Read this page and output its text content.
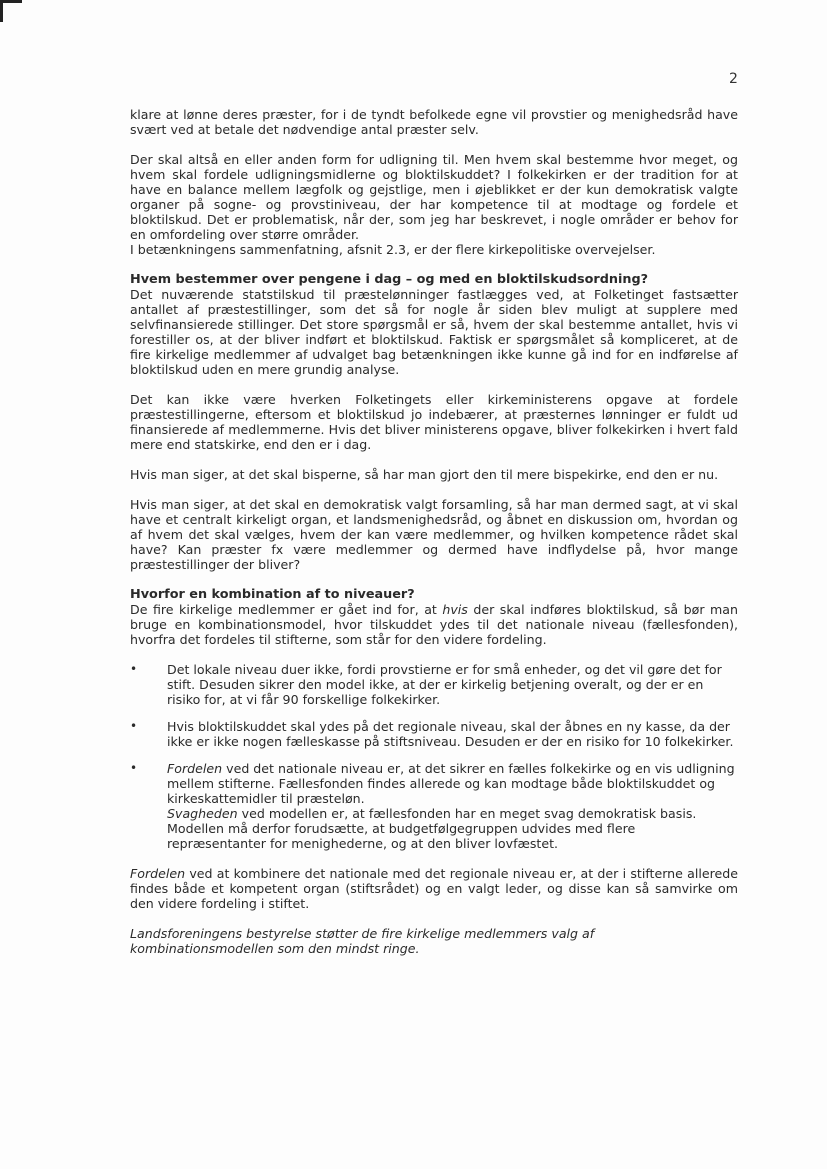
2

klare at lønne deres præster, for i de tyndt befolkede egne vil provstier og menighedsråd have svært ved at betale det nødvendige antal præster selv.

Der skal altså en eller anden form for udligning til. Men hvem skal bestemme hvor meget, og hvem skal fordele udligningsmidlerne og bloktilskuddet? I folkekirken er der tradition for at have en balance mellem lægfolk og gejstlige, men i øjeblikket er der kun demokratisk valgte organer på sogne- og provstiniveau, der har kompetence til at modtage og fordele et bloktilskud. Det er problematisk, når der, som jeg har beskrevet, i nogle områder er behov for en omfordeling over større områder.

I betænkningens sammenfatning, afsnit 2.3, er der flere kirkepolitiske overvejelser.

Hvem bestemmer over pengene i dag – og med en bloktilskudsordning?

Det nuværende statstilskud til præstelønninger fastlægges ved, at Folketinget fastsætter antallet af præstestillinger, som det så for nogle år siden blev muligt at supplere med selvfinansierede stillinger. Det store spørgsmål er så, hvem der skal bestemme antallet, hvis vi forestiller os, at der bliver indført et bloktilskud. Faktisk er spørgsmålet så kompliceret, at de fire kirkelige medlemmer af udvalget bag betænkningen ikke kunne gå ind for en indførelse af bloktilskud uden en mere grundig analyse.

Det kan ikke være hverken Folketingets eller kirkeministerens opgave at fordele præstestillingerne, eftersom et bloktilskud jo indebærer, at præsternes lønninger er fuldt ud finansierede af medlemmerne. Hvis det bliver ministerens opgave, bliver folkekirken i hvert fald mere end statskirke, end den er i dag.

Hvis man siger, at det skal bisperne, så har man gjort den til mere bispekirke, end den er nu.

Hvis man siger, at det skal en demokratisk valgt forsamling, så har man dermed sagt, at vi skal have et centralt kirkeligt organ, et landsmenighedsråd, og åbnet en diskussion om, hvordan og af hvem det skal vælges, hvem der kan være medlemmer, og hvilken kompetence rådet skal have? Kan præster fx være medlemmer og dermed have indflydelse på, hvor mange præstestillinger der bliver?

Hvorfor en kombination af to niveauer?

De fire kirkelige medlemmer er gået ind for, at hvis der skal indføres bloktilskud, så bør man bruge en kombinationsmodel, hvor tilskuddet ydes til det nationale niveau (fællesfonden), hvorfra det fordeles til stifterne, som står for den videre fordeling.

• Det lokale niveau duer ikke, fordi provstierne er for små enheder, og det vil gøre det for stift. Desuden sikrer den model ikke, at der er kirkelig betjening overalt, og der er en risiko for, at vi får 90 forskellige folkekirker.

• Hvis bloktilskuddet skal ydes på det regionale niveau, skal der åbnes en ny kasse, da der ikke er ikke nogen fælleskasse på stiftsniveau. Desuden er der en risiko for 10 folkekirker.

• Fordelen ved det nationale niveau er, at det sikrer en fælles folkekirke og en vis udligning mellem stifterne. Fællesfonden findes allerede og kan modtage både bloktilskuddet og kirkeskattemidler til præsteløn.
Svagheden ved modellen er, at fællesfonden har en meget svag demokratisk basis. Modellen må derfor forudsætte, at budgetfølgegruppen udvides med flere repræsentanter for menighederne, og at den bliver lovfæstet.

Fordelen ved at kombinere det nationale med det regionale niveau er, at der i stifterne allerede findes både et kompetent organ (stiftsrådet) og en valgt leder, og disse kan så samvirke om den videre fordeling i stiftet.

Landsforeningens bestyrelse støtter de fire kirkelige medlemmers valg af kombinationsmodellen som den mindst ringe.
